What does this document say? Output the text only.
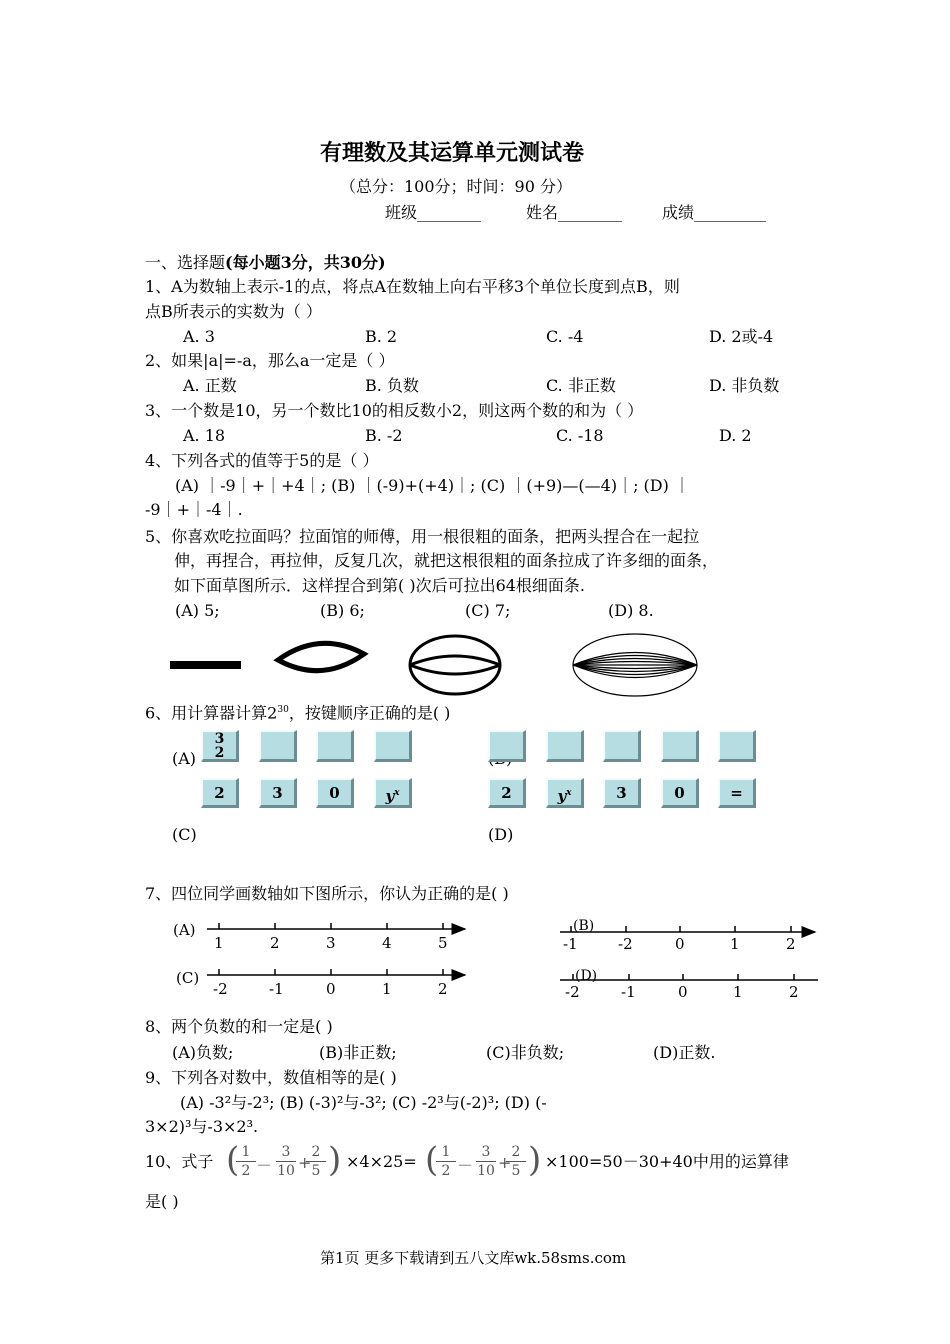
有理数及其运算单元测试卷
（总分：100分；时间：90 分）
班级________	姓名________ 成绩_________
一、选择题(每小题3分，共30分)
1、A为数轴上表示-1的点，将点A在数轴上向右平移3个单位长度到点B，则
点B所表示的实数为（ ）
A. 3	B. 2	C. -4	D. 2或-4
2、如果|a|=-a，那么a一定是（ ）
A. 正数	B. 负数	C. 非正数	D. 非负数
3、一个数是10，另一个数比10的相反数小2，则这两个数的和为（ ）
A. 18	B. -2	C. -18	D. 2
4、下列各式的值等于5的是（ ）
(A) ｜-9｜+｜+4｜; (B) ｜(-9)+(+4)｜; (C) ｜(+9)—(—4)｜; (D) ｜
-9｜+｜-4｜.
5、你喜欢吃拉面吗？拉面馆的师傅，用一根很粗的面条，把两头捏合在一起拉
伸，再捏合，再拉伸，反复几次，就把这根很粗的面条拉成了许多细的面条，
如下面草图所示．这样捏合到第( )次后可拉出64根细面条.
(A) 5;	(B) 6;	(C) 7;	(D) 8.
6、用计算器计算$2^{30}$，按键顺序正确的是( )
(A)
3 2
2	3	0	$y^x$	2	$y^x$	3	0	=
(C)	(D)
7、四位同学画数轴如下图所示，你认为正确的是( )
(A)
(C)
1	2	3	4	5
-2	-1	0	1	2
(B)
-1	-2	0	1	2
(D)
-2	-1	0	1	2
8、两个负数的和一定是( )
(A)负数;	(B)非正数;	(C)非负数;	(D)正数.
9、下列各对数中，数值相等的是( )
(A) -3²与-2³; (B) (-3)²与-3²; (C) -2³与(-2)³; (D) (-
3×2)³与-3×2³.
10、式子 (
$\frac{1}{2} - \frac{3}{10}$ +
$\frac{2}{5}$ ) ×4×25= (
$\frac{1}{2} - \frac{3}{10}$ +
$\frac{2}{5}$ ) ×100=50－30+40中用的运算律
是( )
第1页 更多下载请到五八文库wk.58sms.com
